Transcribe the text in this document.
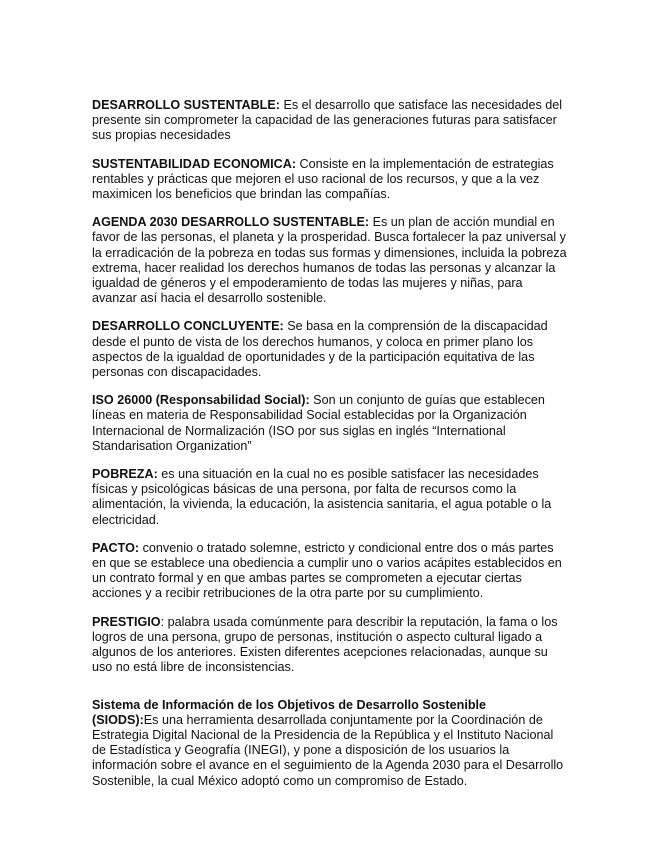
DESARROLLO SUSTENTABLE: Es el desarrollo que satisface las necesidades del presente sin comprometer la capacidad de las generaciones futuras para satisfacer sus propias necesidades

SUSTENTABILIDAD ECONOMICA: Consiste en la implementación de estrategias rentables y prácticas que mejoren el uso racional de los recursos, y que a la vez maximicen los beneficios que brindan las compañías.

AGENDA 2030 DESARROLLO SUSTENTABLE: Es un plan de acción mundial en favor de las personas, el planeta y la prosperidad. Busca fortalecer la paz universal y la erradicación de la pobreza en todas sus formas y dimensiones, incluida la pobreza extrema, hacer realidad los derechos humanos de todas las personas y alcanzar la igualdad de géneros y el empoderamiento de todas las mujeres y niñas, para avanzar así hacia el desarrollo sostenible.

DESARROLLO CONCLUYENTE: Se basa en la comprensión de la discapacidad desde el punto de vista de los derechos humanos, y coloca en primer plano los aspectos de la igualdad de oportunidades y de la participación equitativa de las personas con discapacidades.

ISO 26000 (Responsabilidad Social): Son un conjunto de guías que establecen líneas en materia de Responsabilidad Social establecidas por la Organización Internacional de Normalización (ISO por sus siglas en inglés “International Standarisation Organization”

POBREZA: es una situación en la cual no es posible satisfacer las necesidades físicas y psicológicas básicas de una persona, por falta de recursos como la alimentación, la vivienda, la educación, la asistencia sanitaria, el agua potable o la electricidad.

PACTO: convenio o tratado solemne, estricto y condicional entre dos o más partes en que se establece una obediencia a cumplir uno o varios acápites establecidos en un contrato formal y en que ambas partes se comprometen a ejecutar ciertas acciones y a recibir retribuciones de la otra parte por su cumplimiento.

PRESTIGIO: palabra usada comúnmente para describir la reputación, la fama o los logros de una persona, grupo de personas, institución o aspecto cultural ligado a algunos de los anteriores. Existen diferentes acepciones relacionadas, aunque su uso no está libre de inconsistencias.

Sistema de Información de los Objetivos de Desarrollo Sostenible
(SIODS):Es una herramienta desarrollada conjuntamente por la Coordinación de Estrategia Digital Nacional de la Presidencia de la República y el Instituto Nacional de Estadística y Geografía (INEGI), y pone a disposición de los usuarios la información sobre el avance en el seguimiento de la Agenda 2030 para el Desarrollo Sostenible, la cual México adoptó como un compromiso de Estado.
